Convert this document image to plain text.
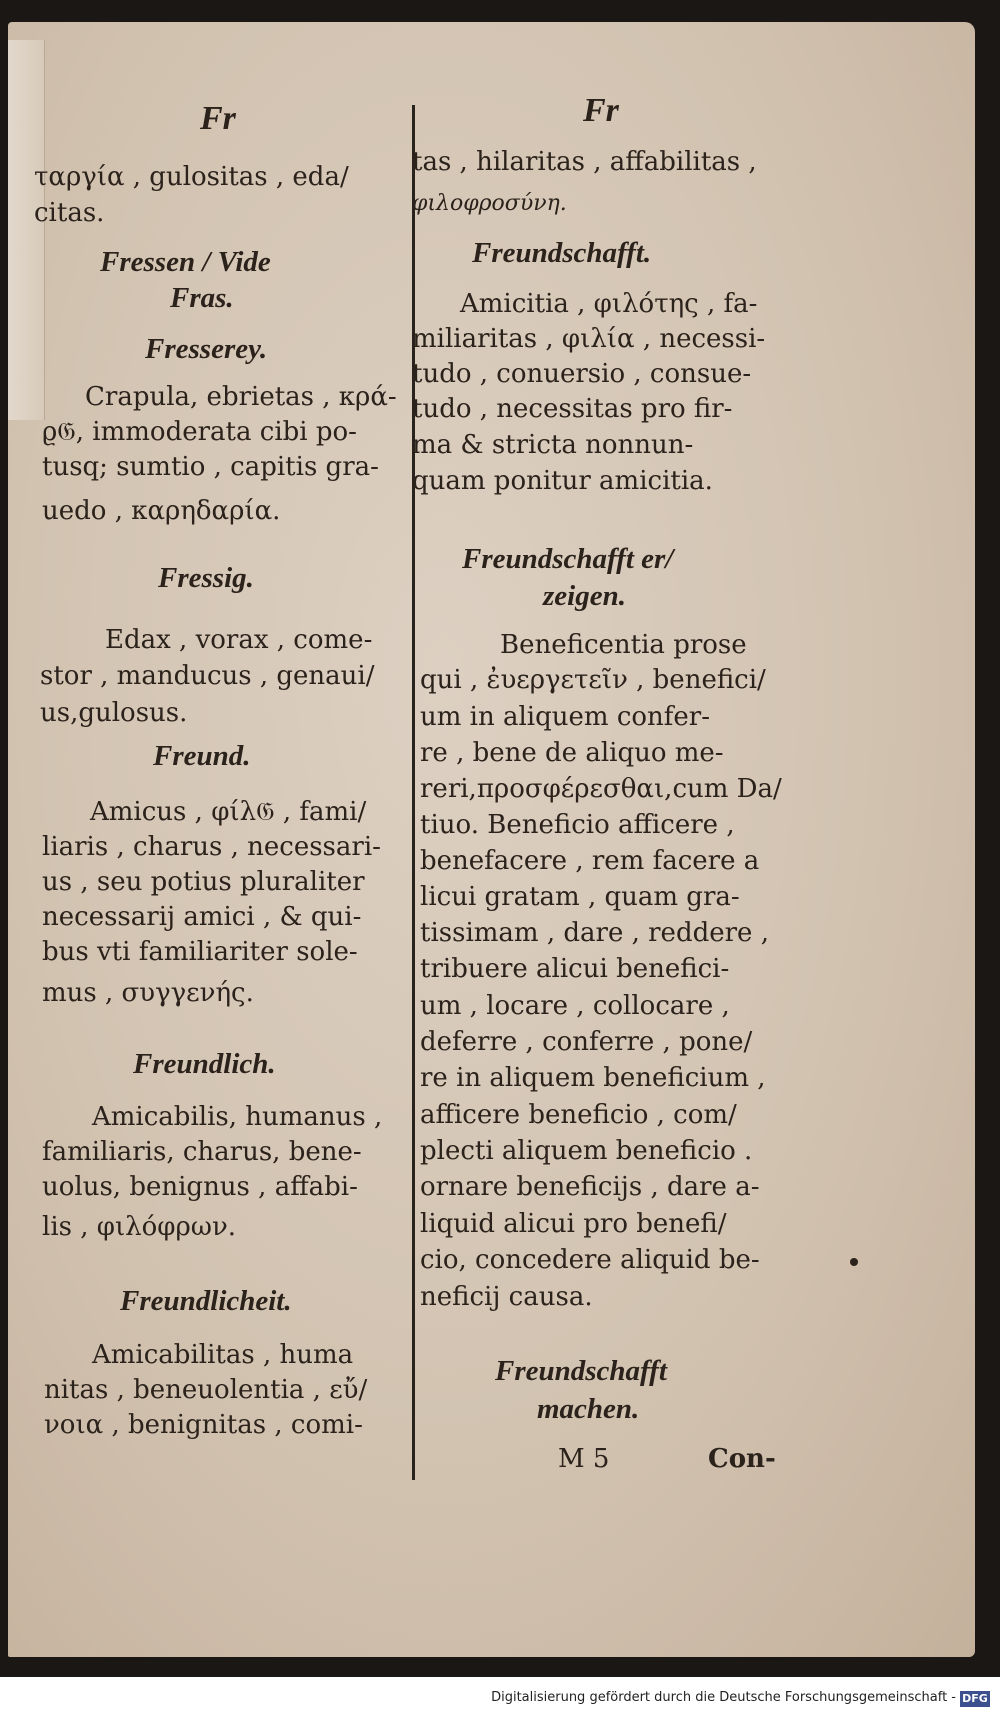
Fr	Fr
ταργία , gulositas , eda/
citas.
Fressen / Vide
Fras.
Fresserey.
Crapula, ebrietas , κρά-
ϱ𝔊, immoderata cibi po-
tusq; sumtio , capitis gra-
uedo , καρηδαρία.
Fressig.
Edax , vorax , come-
stor , manducus , genaui/
us,gulosus.
Freund.
Amicus , φίλ𝔊 , fami/
liaris , charus , necessari-
us , seu potius pluraliter
necessarij amici , & qui-
bus vti familiariter sole-
mus , συγγενής.
Freundlich.
Amicabilis, humanus ,
familiaris, charus, bene-
uolus, benignus , affabi-
lis , φιλόφρων.
Freundlicheit.
Amicabilitas , huma
nitas , beneuolentia , εὔ/
νοια , benignitas , comi-
tas , hilaritas , affabilitas ,
φιλοφροσύνη.
Freundschafft.
Amicitia , φιλότης , fa-
miliaritas , φιλία , necessi-
tudo , conuersio , consue-
tudo , necessitas pro fir-
ma & stricta nonnun-
quam ponitur amicitia.
Freundschafft er/
zeigen.
Beneficentia prose
qui , ἐυεργετεῖν , benefici/
um in aliquem confer-
re , bene de aliquo me-
reri,προσφέρεσθαι,cum Da/
tiuo. Beneficio afficere ,
benefacere , rem facere a
licui gratam , quam gra-
tissimam , dare , reddere ,
tribuere alicui benefici-
um , locare , collocare ,
deferre , conferre , pone/
re in aliquem beneficium ,
afficere beneficio , com/
plecti aliquem beneficio .
ornare beneficijs , dare a-
liquid alicui pro benefi/
cio, concedere aliquid be-
neficij causa.
Freundschafft
machen.
M 5	Con-
Digitalisierung gefördert durch die Deutsche Forschungsgemeinschaft - DFG
